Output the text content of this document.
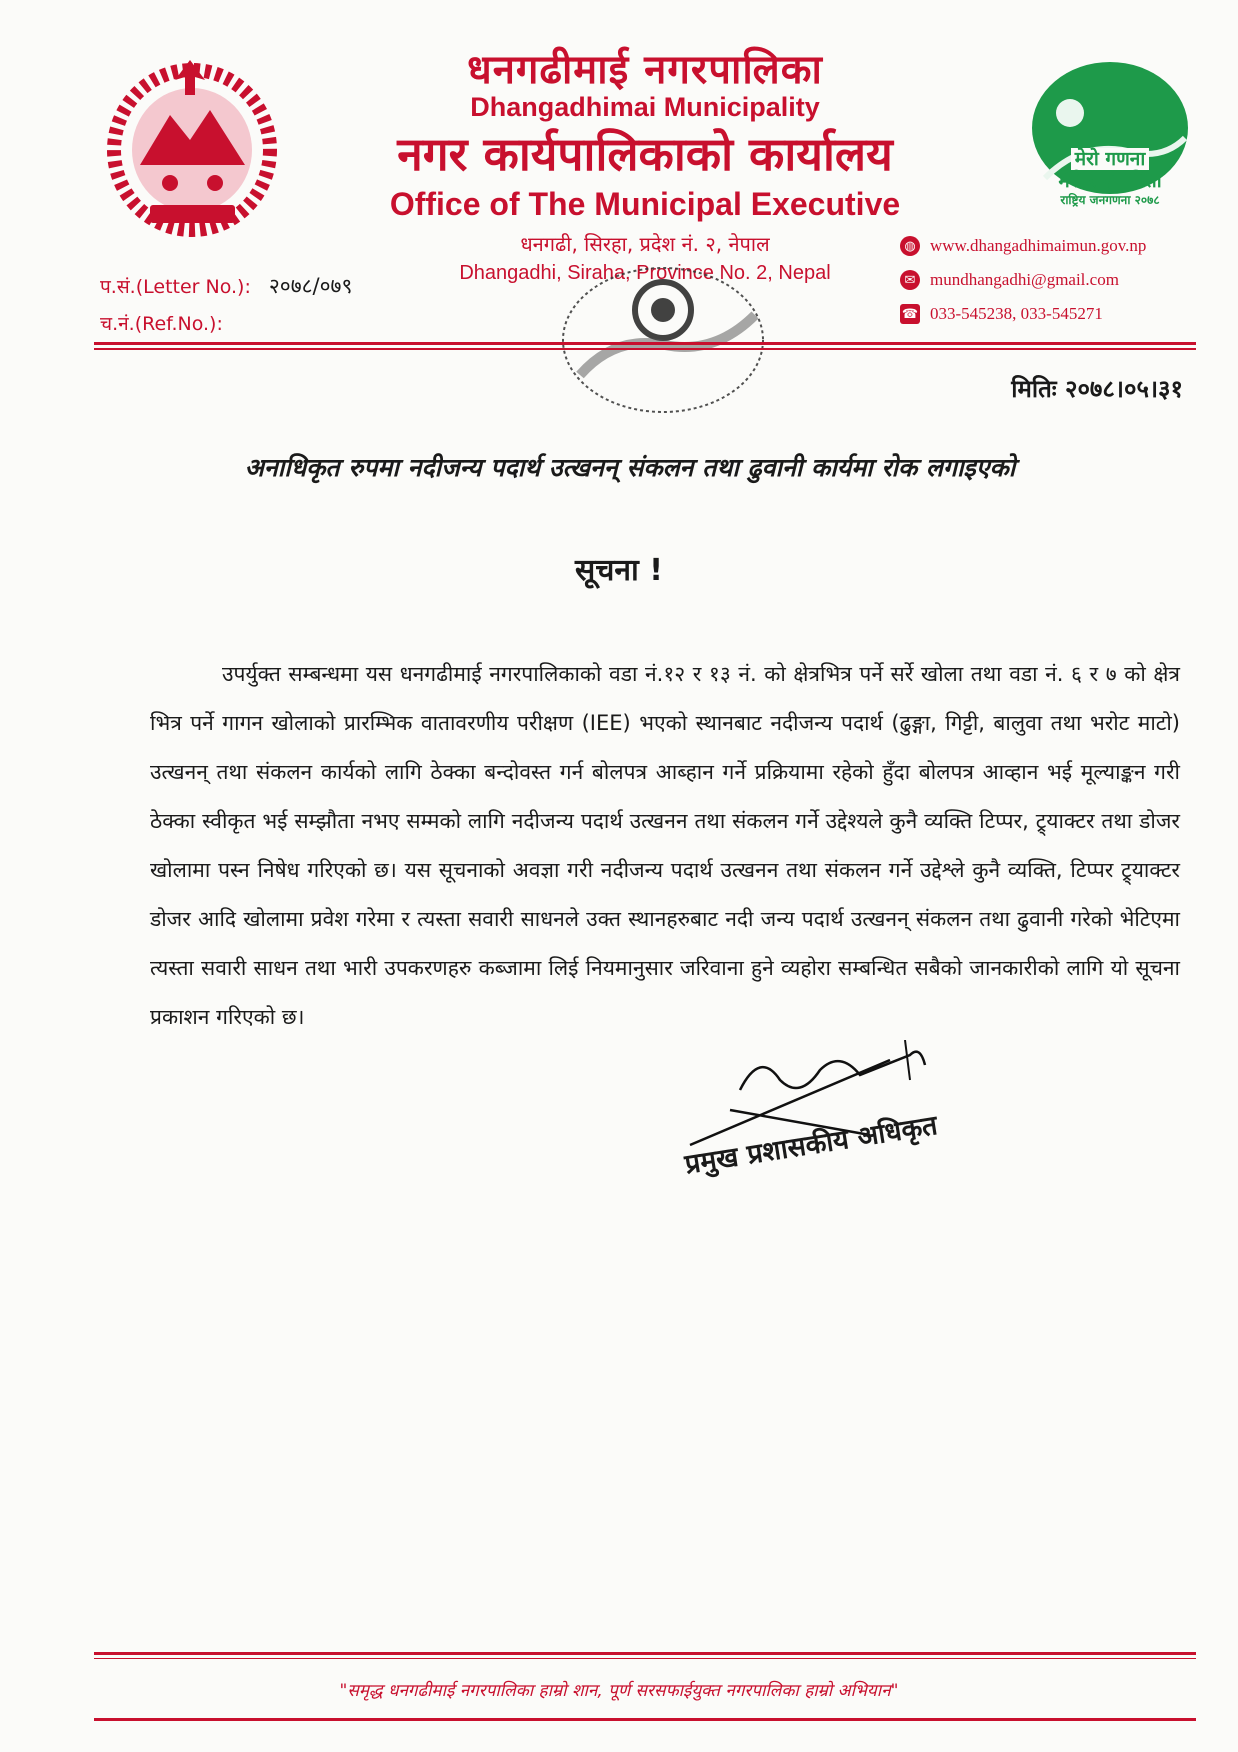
धनगढीमाई नगरपालिका
Dhangadhimai Municipality
नगर कार्यपालिकाको कार्यालय
Office of The Municipal Executive
धनगढी, सिरहा, प्रदेश नं. २, नेपाल
Dhangadhi, Siraha, Province No. 2, Nepal
मेरो गणना
मेरो सहभागिता
राष्ट्रिय जनगणना २०७८
प.सं.(Letter No.): २०७८/०७९
च.नं.(Ref.No.):
◍ www.dhangadhimaimun.gov.np
✉ mundhangadhi@gmail.com
☎ 033-545238, 033-545271
मितिः २०७८।०५।३१
अनाधिकृत रुपमा नदीजन्य पदार्थ उत्खनन् संकलन तथा ढुवानी कार्यमा रोक लगाइएको
सूचना !
उपर्युक्त सम्बन्धमा यस धनगढीमाई नगरपालिकाको वडा नं.१२ र १३ नं. को क्षेत्रभित्र पर्ने सर्रे खोला तथा वडा नं. ६ र ७ को क्षेत्र भित्र पर्ने गागन खोलाको प्रारम्भिक वातावरणीय परीक्षण (IEE) भएको स्थानबाट नदीजन्य पदार्थ (ढुङ्गा, गिट्टी, बालुवा तथा भरोट माटो) उत्खनन् तथा संकलन कार्यको लागि ठेक्का बन्दोवस्त गर्न बोलपत्र आब्हान गर्ने प्रक्रियामा रहेको हुँदा बोलपत्र आव्हान भई मूल्याङ्कन गरी ठेक्का स्वीकृत भई सम्झौता नभए सम्मको लागि नदीजन्य पदार्थ उत्खनन तथा संकलन गर्ने उद्देश्यले कुनै व्यक्ति टिप्पर, ट्र्याक्टर तथा डोजर खोलामा पस्न निषेध गरिएको छ। यस सूचनाको अवज्ञा गरी नदीजन्य पदार्थ उत्खनन तथा संकलन गर्ने उद्देश्ले कुनै व्यक्ति, टिप्पर ट्र्याक्टर डोजर आदि खोलामा प्रवेश गरेमा र त्यस्ता सवारी साधनले उक्त स्थानहरुबाट नदी जन्य पदार्थ उत्खनन् संकलन तथा ढुवानी गरेको भेटिएमा त्यस्ता सवारी साधन तथा भारी उपकरणहरु कब्जामा लिई नियमानुसार जरिवाना हुने व्यहोरा सम्बन्धित सबैको जानकारीको लागि यो सूचना प्रकाशन गरिएको छ।
प्रमुख प्रशासकीय अधिकृत
"समृद्ध धनगढीमाई नगरपालिका हाम्रो शान, पूर्ण सरसफाईयुक्त नगरपालिका हाम्रो अभियान"
